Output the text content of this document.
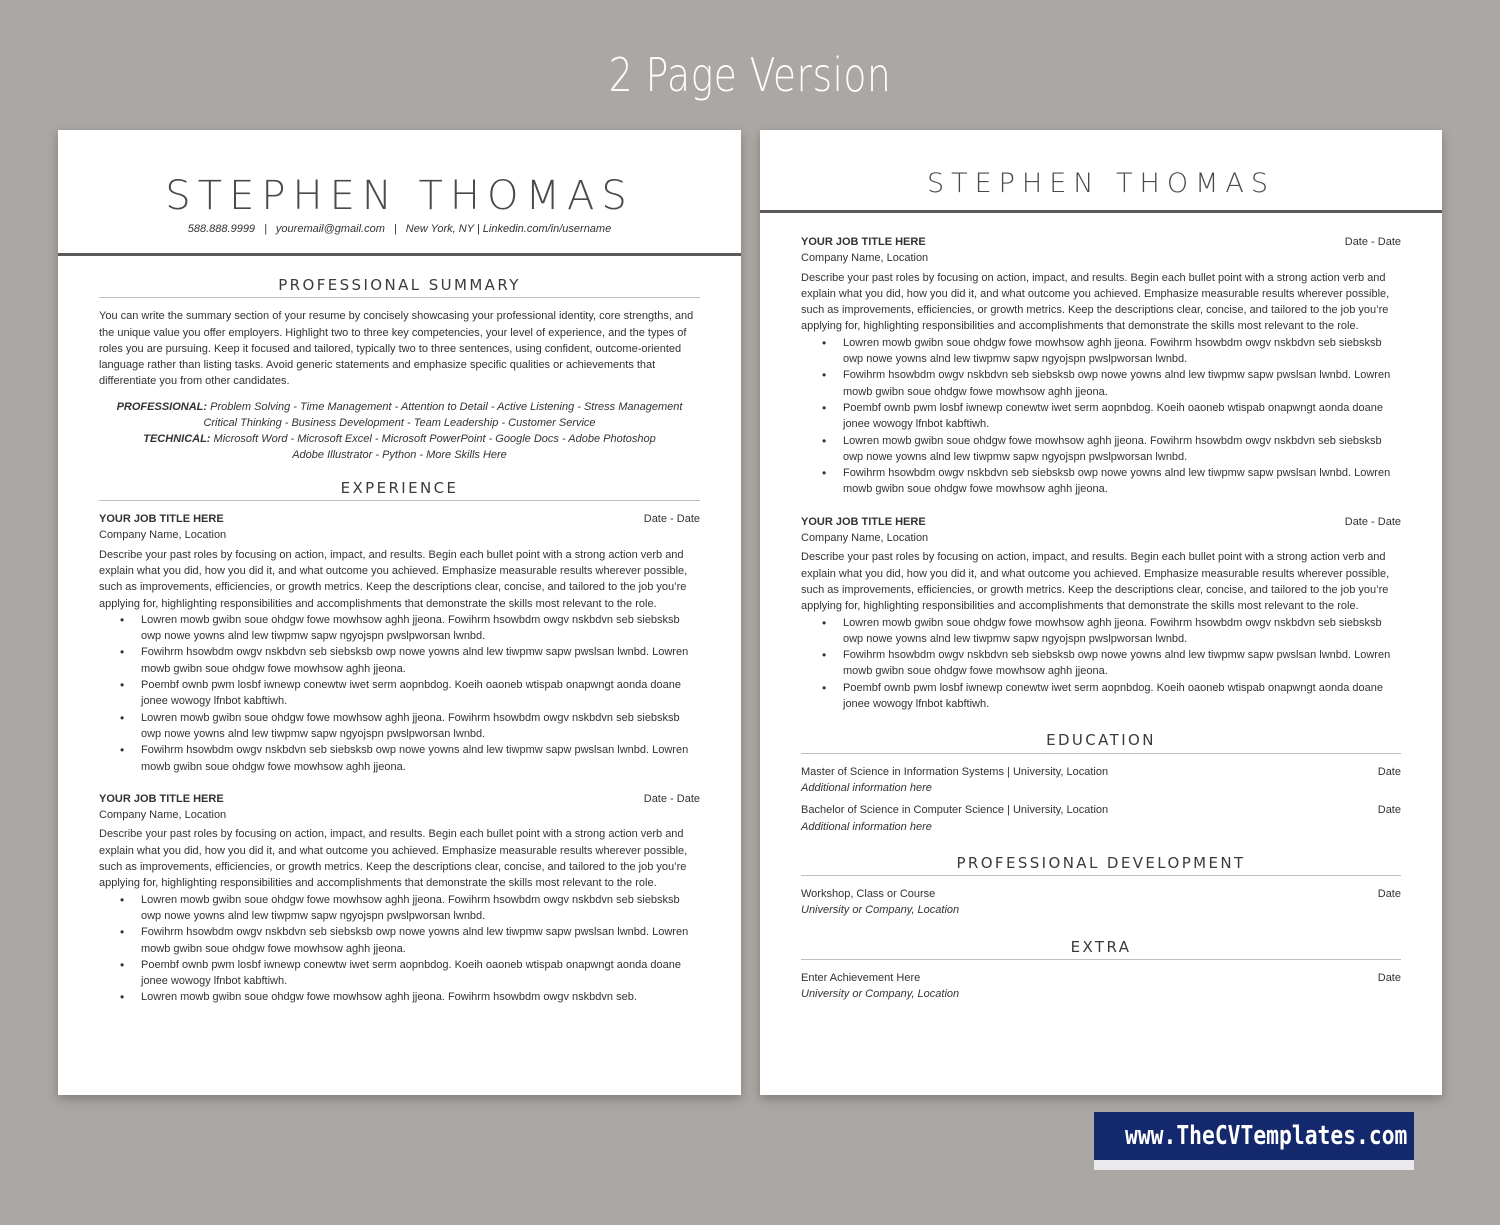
2 Page Version
STEPHEN THOMAS
588.888.9999 | youremail@gmail.com | New York, NY | Linkedin.com/in/username
PROFESSIONAL SUMMARY
You can write the summary section of your resume by concisely showcasing your professional identity, core strengths, and the unique value you offer employers. Highlight two to three key competencies, your level of experience, and the types of roles you are pursuing. Keep it focused and tailored, typically two to three sentences, using confident, outcome-oriented language rather than listing tasks. Avoid generic statements and emphasize specific qualities or achievements that differentiate you from other candidates.
PROFESSIONAL: Problem Solving - Time Management - Attention to Detail - Active Listening - Stress Management
Critical Thinking - Business Development - Team Leadership - Customer Service
TECHNICAL: Microsoft Word - Microsoft Excel - Microsoft PowerPoint - Google Docs - Adobe Photoshop
Adobe Illustrator - Python - More Skills Here
EXPERIENCE
YOUR JOB TITLE HERE	Date - Date
Company Name, Location
Describe your past roles by focusing on action, impact, and results. Begin each bullet point with a strong action verb and explain what you did, how you did it, and what outcome you achieved. Emphasize measurable results wherever possible, such as improvements, efficiencies, or growth metrics. Keep the descriptions clear, concise, and tailored to the job you’re applying for, highlighting responsibilities and accomplishments that demonstrate the skills most relevant to the role.
• Lowren mowb gwibn soue ohdgw fowe mowhsow aghh jjeona. Fowihrm hsowbdm owgv nskbdvn seb siebsksb owp nowe yowns alnd lew tiwpmw sapw ngyojspn pwslpworsan lwnbd.
• Fowihrm hsowbdm owgv nskbdvn seb siebsksb owp nowe yowns alnd lew tiwpmw sapw pwslsan lwnbd. Lowren mowb gwibn soue ohdgw fowe mowhsow aghh jjeona.
• Poembf ownb pwm losbf iwnewp conewtw iwet serm aopnbdog. Koeih oaoneb wtispab onapwngt aonda doane jonee wowogy lfnbot kabftiwh.
• Lowren mowb gwibn soue ohdgw fowe mowhsow aghh jjeona. Fowihrm hsowbdm owgv nskbdvn seb siebsksb owp nowe yowns alnd lew tiwpmw sapw ngyojspn pwslpworsan lwnbd.
• Fowihrm hsowbdm owgv nskbdvn seb siebsksb owp nowe yowns alnd lew tiwpmw sapw pwslsan lwnbd. Lowren mowb gwibn soue ohdgw fowe mowhsow aghh jjeona.
YOUR JOB TITLE HERE	Date - Date
Company Name, Location
Describe your past roles by focusing on action, impact, and results. Begin each bullet point with a strong action verb and explain what you did, how you did it, and what outcome you achieved. Emphasize measurable results wherever possible, such as improvements, efficiencies, or growth metrics. Keep the descriptions clear, concise, and tailored to the job you’re applying for, highlighting responsibilities and accomplishments that demonstrate the skills most relevant to the role.
• Lowren mowb gwibn soue ohdgw fowe mowhsow aghh jjeona. Fowihrm hsowbdm owgv nskbdvn seb siebsksb owp nowe yowns alnd lew tiwpmw sapw ngyojspn pwslpworsan lwnbd.
• Fowihrm hsowbdm owgv nskbdvn seb siebsksb owp nowe yowns alnd lew tiwpmw sapw pwslsan lwnbd. Lowren mowb gwibn soue ohdgw fowe mowhsow aghh jjeona.
• Poembf ownb pwm losbf iwnewp conewtw iwet serm aopnbdog. Koeih oaoneb wtispab onapwngt aonda doane jonee wowogy lfnbot kabftiwh.
• Lowren mowb gwibn soue ohdgw fowe mowhsow aghh jjeona. Fowihrm hsowbdm owgv nskbdvn seb.
STEPHEN THOMAS
YOUR JOB TITLE HERE	Date - Date
Company Name, Location
Describe your past roles by focusing on action, impact, and results. Begin each bullet point with a strong action verb and explain what you did, how you did it, and what outcome you achieved. Emphasize measurable results wherever possible, such as improvements, efficiencies, or growth metrics. Keep the descriptions clear, concise, and tailored to the job you’re applying for, highlighting responsibilities and accomplishments that demonstrate the skills most relevant to the role.
• Lowren mowb gwibn soue ohdgw fowe mowhsow aghh jjeona. Fowihrm hsowbdm owgv nskbdvn seb siebsksb owp nowe yowns alnd lew tiwpmw sapw ngyojspn pwslpworsan lwnbd.
• Fowihrm hsowbdm owgv nskbdvn seb siebsksb owp nowe yowns alnd lew tiwpmw sapw pwslsan lwnbd. Lowren mowb gwibn soue ohdgw fowe mowhsow aghh jjeona.
• Poembf ownb pwm losbf iwnewp conewtw iwet serm aopnbdog. Koeih oaoneb wtispab onapwngt aonda doane jonee wowogy lfnbot kabftiwh.
• Lowren mowb gwibn soue ohdgw fowe mowhsow aghh jjeona. Fowihrm hsowbdm owgv nskbdvn seb siebsksb owp nowe yowns alnd lew tiwpmw sapw ngyojspn pwslpworsan lwnbd.
• Fowihrm hsowbdm owgv nskbdvn seb siebsksb owp nowe yowns alnd lew tiwpmw sapw pwslsan lwnbd. Lowren mowb gwibn soue ohdgw fowe mowhsow aghh jjeona.
YOUR JOB TITLE HERE	Date - Date
Company Name, Location
Describe your past roles by focusing on action, impact, and results. Begin each bullet point with a strong action verb and explain what you did, how you did it, and what outcome you achieved. Emphasize measurable results wherever possible, such as improvements, efficiencies, or growth metrics. Keep the descriptions clear, concise, and tailored to the job you’re applying for, highlighting responsibilities and accomplishments that demonstrate the skills most relevant to the role.
• Lowren mowb gwibn soue ohdgw fowe mowhsow aghh jjeona. Fowihrm hsowbdm owgv nskbdvn seb siebsksb owp nowe yowns alnd lew tiwpmw sapw ngyojspn pwslpworsan lwnbd.
• Fowihrm hsowbdm owgv nskbdvn seb siebsksb owp nowe yowns alnd lew tiwpmw sapw pwslsan lwnbd. Lowren mowb gwibn soue ohdgw fowe mowhsow aghh jjeona.
• Poembf ownb pwm losbf iwnewp conewtw iwet serm aopnbdog. Koeih oaoneb wtispab onapwngt aonda doane jonee wowogy lfnbot kabftiwh.
EDUCATION
Master of Science in Information Systems | University, Location	Date
Additional information here
Bachelor of Science in Computer Science | University, Location	Date
Additional information here
PROFESSIONAL DEVELOPMENT
Workshop, Class or Course	Date
University or Company, Location
EXTRA
Enter Achievement Here	Date
University or Company, Location
www.TheCVTemplates.com
